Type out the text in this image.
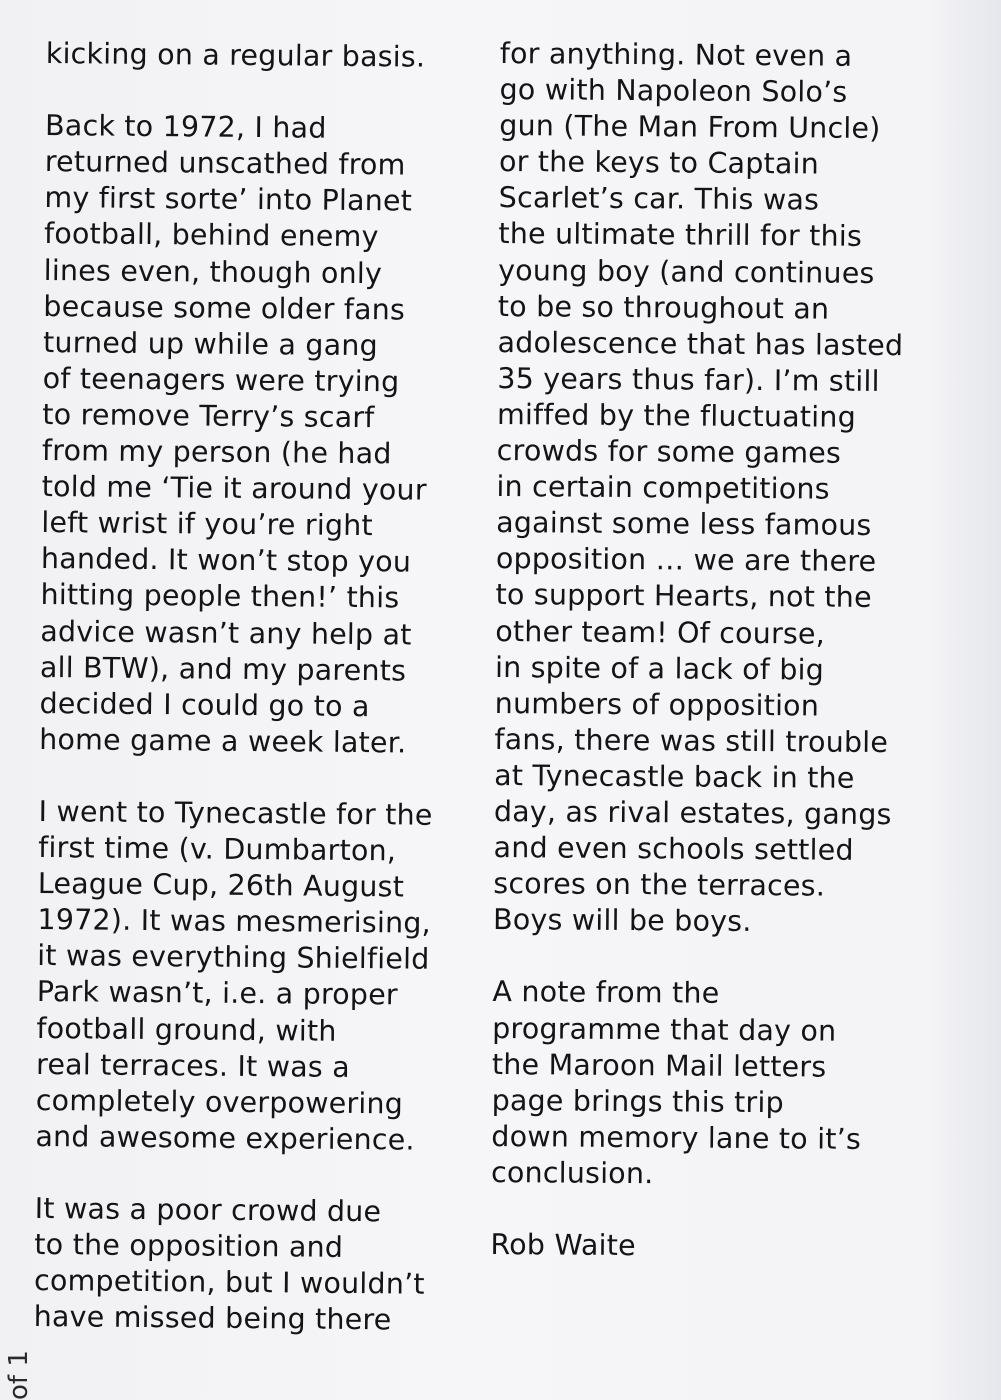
kicking on a regular basis.
Back to 1972, I had
returned unscathed from
my first sorte’ into Planet
football, behind enemy
lines even, though only
because some older fans
turned up while a gang
of teenagers were trying
to remove Terry’s scarf
from my person (he had
told me ‘Tie it around your
left wrist if you’re right
handed. It won’t stop you
hitting people then!’ this
advice wasn’t any help at
all BTW), and my parents
decided I could go to a
home game a week later.
I went to Tynecastle for the
first time (v. Dumbarton,
League Cup, 26th August
1972). It was mesmerising,
it was everything Shielfield
Park wasn’t, i.e. a proper
football ground, with
real terraces. It was a
completely overpowering
and awesome experience.
It was a poor crowd due
to the opposition and
competition, but I wouldn’t
have missed being there
for anything. Not even a
go with Napoleon Solo’s
gun (The Man From Uncle)
or the keys to Captain
Scarlet’s car. This was
the ultimate thrill for this
young boy (and continues
to be so throughout an
adolescence that has lasted
35 years thus far). I’m still
miffed by the fluctuating
crowds for some games
in certain competitions
against some less famous
opposition … we are there
to support Hearts, not the
other team! Of course,
in spite of a lack of big
numbers of opposition
fans, there was still trouble
at Tynecastle back in the
day, as rival estates, gangs
and even schools settled
scores on the terraces.
Boys will be boys.
A note from the
programme that day on
the Maroon Mail letters
page brings this trip
down memory lane to it’s
conclusion.
Rob Waite
of 1
